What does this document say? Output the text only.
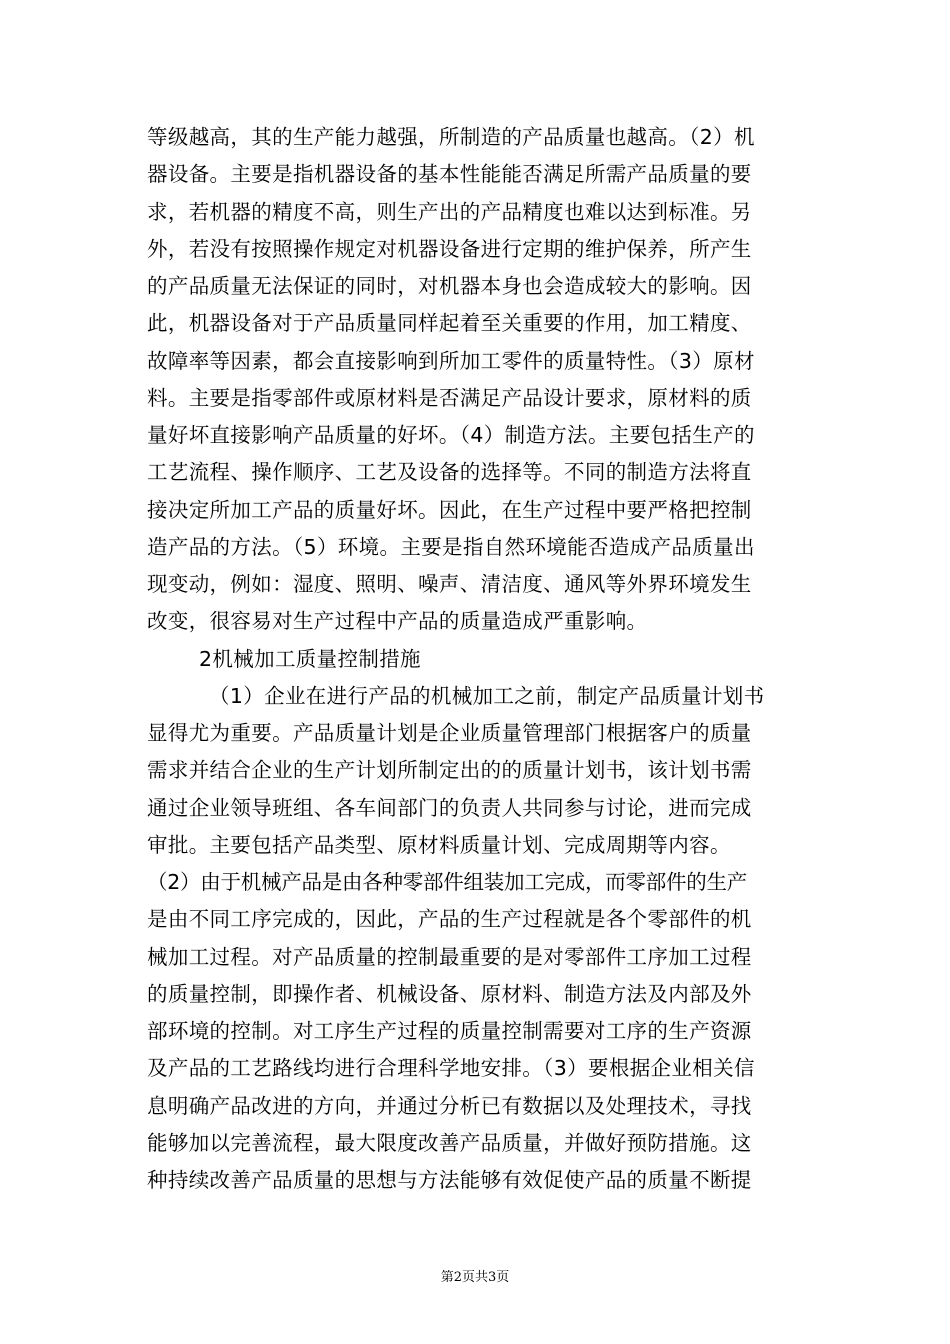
等级越高，其的生产能力越强，所制造的产品质量也越高。（2）机
器设备。主要是指机器设备的基本性能能否满足所需产品质量的要
求，若机器的精度不高，则生产出的产品精度也难以达到标准。另
外，若没有按照操作规定对机器设备进行定期的维护保养，所产生
的产品质量无法保证的同时，对机器本身也会造成较大的影响。因
此，机器设备对于产品质量同样起着至关重要的作用，加工精度、
故障率等因素，都会直接影响到所加工零件的质量特性。（3）原材
料。主要是指零部件或原材料是否满足产品设计要求，原材料的质
量好坏直接影响产品质量的好坏。（4）制造方法。主要包括生产的
工艺流程、操作顺序、工艺及设备的选择等。不同的制造方法将直
接决定所加工产品的质量好坏。因此，在生产过程中要严格把控制
造产品的方法。（5）环境。主要是指自然环境能否造成产品质量出
现变动，例如：湿度、照明、噪声、清洁度、通风等外界环境发生
改变，很容易对生产过程中产品的质量造成严重影响。
2机械加工质量控制措施
（1）企业在进行产品的机械加工之前，制定产品质量计划书
显得尤为重要。产品质量计划是企业质量管理部门根据客户的质量
需求并结合企业的生产计划所制定出的的质量计划书，该计划书需
通过企业领导班组、各车间部门的负责人共同参与讨论，进而完成
审批。主要包括产品类型、原材料质量计划、完成周期等内容。
（2）由于机械产品是由各种零部件组装加工完成，而零部件的生产
是由不同工序完成的，因此，产品的生产过程就是各个零部件的机
械加工过程。对产品质量的控制最重要的是对零部件工序加工过程
的质量控制，即操作者、机械设备、原材料、制造方法及内部及外
部环境的控制。对工序生产过程的质量控制需要对工序的生产资源
及产品的工艺路线均进行合理科学地安排。（3）要根据企业相关信
息明确产品改进的方向，并通过分析已有数据以及处理技术，寻找
能够加以完善流程，最大限度改善产品质量，并做好预防措施。这
种持续改善产品质量的思想与方法能够有效促使产品的质量不断提
第2页共3页
